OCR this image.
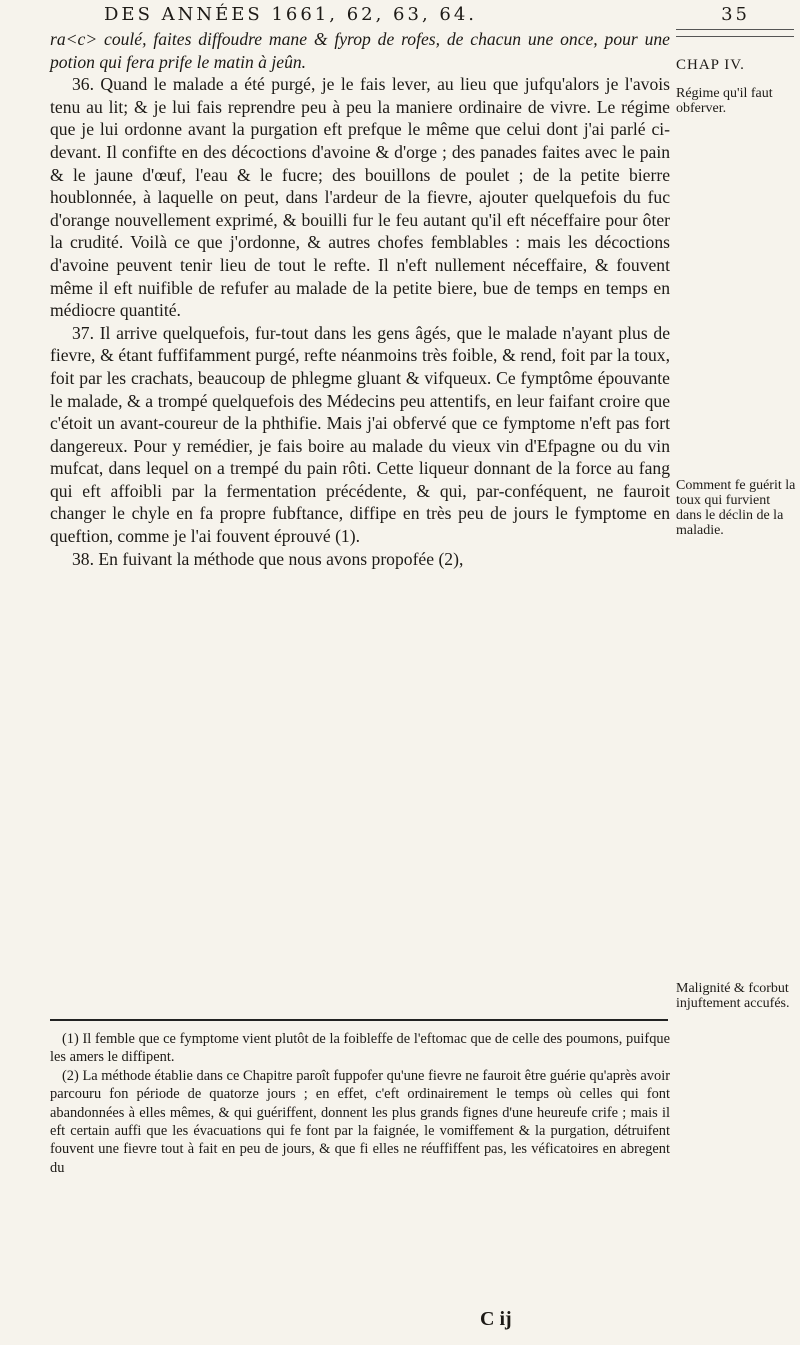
DES ANNÉES 1661, 62, 63, 64.	35

ra<c> coulé, faites diffoudre mane & fyrop de rofes, de chacun une once, pour une potion qui fera prife le matin à jeûn.

36. Quand le malade a été purgé, je le fais lever, au lieu que jufqu'alors je l'avois tenu au lit; & je lui fais reprendre peu à peu la maniere ordinaire de vivre. Le régime que je lui ordonne avant la purgation eft prefque le même que celui dont j'ai parlé ci-devant. Il confifte en des décoctions d'avoine & d'orge ; des panades faites avec le pain & le jaune d'œuf, l'eau & le fucre; des bouillons de poulet ; de la petite bierre houblonnée, à laquelle on peut, dans l'ardeur de la fievre, ajouter quelquefois du fuc d'orange nouvellement exprimé, & bouilli fur le feu autant qu'il eft néceffaire pour ôter la crudité. Voilà ce que j'ordonne, & autres chofes femblables : mais les décoctions d'avoine peuvent tenir lieu de tout le refte. Il n'eft nullement néceffaire, & fouvent même il eft nuifible de refufer au malade de la petite biere, bue de temps en temps en médiocre quantité.

37. Il arrive quelquefois, fur-tout dans les gens âgés, que le malade n'ayant plus de fievre, & étant fuffifamment purgé, refte néanmoins très foible, & rend, foit par la toux, foit par les crachats, beaucoup de phlegme gluant & vifqueux. Ce fymptôme épouvante le malade, & a trompé quelquefois des Médecins peu attentifs, en leur faifant croire que c'étoit un avant-coureur de la phthifie. Mais j'ai obfervé que ce fymptome n'eft pas fort dangereux. Pour y remédier, je fais boire au malade du vieux vin d'Efpagne ou du vin mufcat, dans lequel on a trempé du pain rôti. Cette liqueur donnant de la force au fang qui eft affoibli par la fermentation précédente, & qui, par-conféquent, ne fauroit changer le chyle en fa propre fubftance, diffipe en très peu de jours le fymptome en queftion, comme je l'ai fouvent éprouvé (1).

38. En fuivant la méthode que nous avons propofée (2),

CHAP IV.
Régime qu'il faut obferver.
Comment fe guérit la toux qui furvient dans le déclin de la maladie.
Malignité & fcorbut injuftement accufés.

(1) Il femble que ce fymptome vient plutôt de la foibleffe de l'eftomac que de celle des poumons, puifque les amers le diffipent.

(2) La méthode établie dans ce Chapitre paroît fuppofer qu'une fievre ne fauroit être guérie qu'après avoir parcouru fon période de quatorze jours ; en effet, c'eft ordinairement le temps où celles qui font abandonnées à elles mêmes, & qui guériffent, donnent les plus grands fignes d'une heureufe crife ; mais il eft certain auffi que les évacuations qui fe font par la faignée, le vomiffement & la purgation, détruifent fouvent une fievre tout à fait en peu de jours, & que fi elles ne réuffiffent pas, les véficatoires en abregent du

C ij
